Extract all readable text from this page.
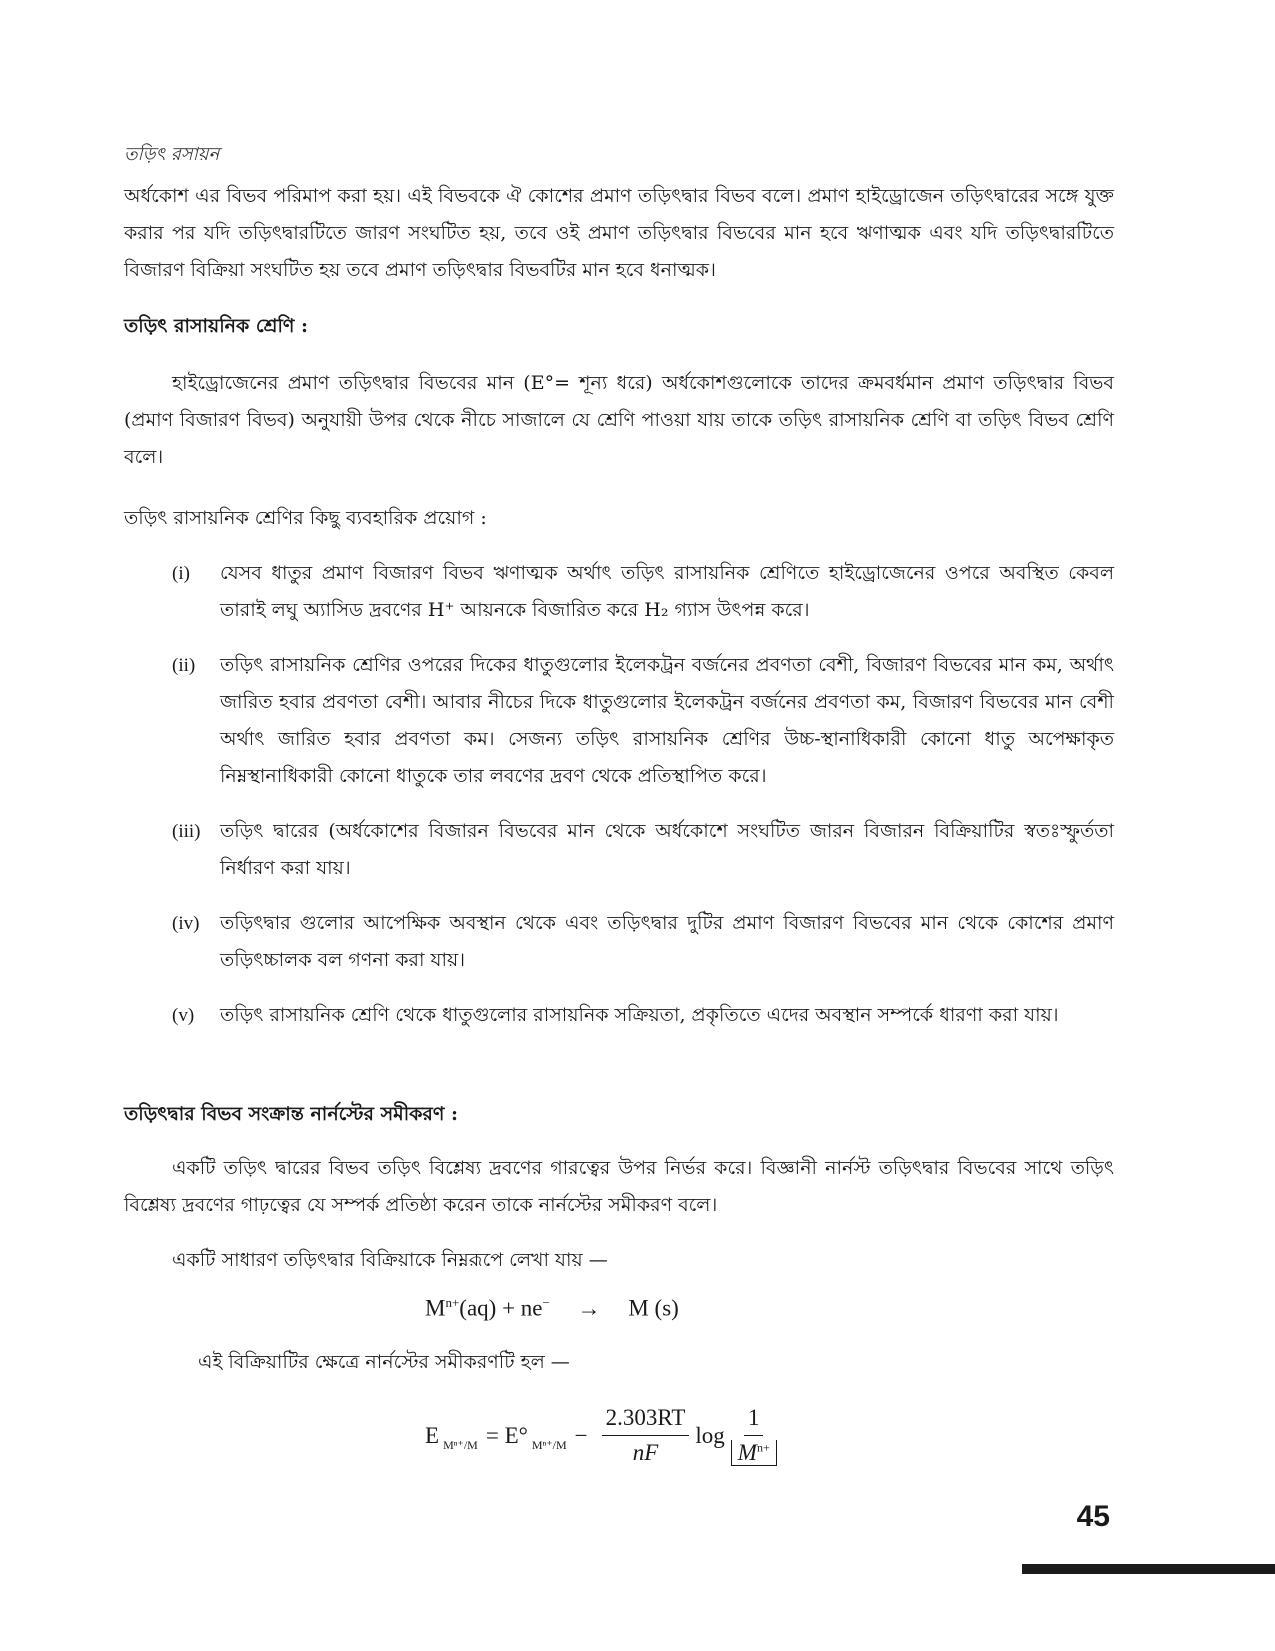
তড়িৎ রসায়ন
অর্ধকোশ এর বিভব পরিমাপ করা হয়। এই বিভবকে ঐ কোশের প্রমাণ তড়িৎদ্বার বিভব বলে। প্রমাণ হাইড্রোজেন তড়িৎদ্বারের সঙ্গে যুক্ত করার পর যদি তড়িৎদ্বারটিতে জারণ সংঘটিত হয়, তবে ওই প্রমাণ তড়িৎদ্বার বিভবের মান হবে ঋণাত্মক এবং যদি তড়িৎদ্বারটিতে বিজারণ বিক্রিয়া সংঘটিত হয় তবে প্রমাণ তড়িৎদ্বার বিভবটির মান হবে ধনাত্মক।
তড়িৎ রাসায়নিক শ্রেণি :
হাইড্রোজেনের প্রমাণ তড়িৎদ্বার বিভবের মান (E°= শূন্য ধরে) অর্ধকোশগুলোকে তাদের ক্রমবর্ধমান প্রমাণ তড়িৎদ্বার বিভব (প্রমাণ বিজারণ বিভব) অনুযায়ী উপর থেকে নীচে সাজালে যে শ্রেণি পাওয়া যায় তাকে তড়িৎ রাসায়নিক শ্রেণি বা তড়িৎ বিভব শ্রেণি বলে।
তড়িৎ রাসায়নিক শ্রেণির কিছু ব্যবহারিক প্রয়োগ :
(i) যেসব ধাতুর প্রমাণ বিজারণ বিভব ঋণাত্মক অর্থাৎ তড়িৎ রাসায়নিক শ্রেণিতে হাইড্রোজেনের ওপরে অবস্থিত কেবল তারাই লঘু অ্যাসিড দ্রবণের H⁺ আয়নকে বিজারিত করে H₂ গ্যাস উৎপন্ন করে।
(ii) তড়িৎ রাসায়নিক শ্রেণির ওপরের দিকের ধাতুগুলোর ইলেকট্রন বর্জনের প্রবণতা বেশী, বিজারণ বিভবের মান কম, অর্থাৎ জারিত হবার প্রবণতা বেশী। আবার নীচের দিকে ধাতুগুলোর ইলেকট্রন বর্জনের প্রবণতা কম, বিজারণ বিভবের মান বেশী অর্থাৎ জারিত হবার প্রবণতা কম। সেজন্য তড়িৎ রাসায়নিক শ্রেণির উচ্চ-স্থানাধিকারী কোনো ধাতু অপেক্ষাকৃত নিম্নস্থানাধিকারী কোনো ধাতুকে তার লবণের দ্রবণ থেকে প্রতিস্থাপিত করে।
(iii) তড়িৎ দ্বারের (অর্ধকোশের বিজারন বিভবের মান থেকে অর্ধকোশে সংঘটিত জারন বিজারন বিক্রিয়াটির স্বতঃস্ফুর্ততা নির্ধারণ করা যায়।
(iv) তড়িৎদ্বার গুলোর আপেক্ষিক অবস্থান থেকে এবং তড়িৎদ্বার দুটির প্রমাণ বিজারণ বিভবের মান থেকে কোশের প্রমাণ তড়িৎচ্চালক বল গণনা করা যায়।
(v) তড়িৎ রাসায়নিক শ্রেণি থেকে ধাতুগুলোর রাসায়নিক সক্রিয়তা, প্রকৃতিতে এদের অবস্থান সম্পর্কে ধারণা করা যায়।
তড়িৎদ্বার বিভব সংক্রান্ত নার্নস্টের সমীকরণ :
একটি তড়িৎ দ্বারের বিভব তড়িৎ বিশ্লেষ্য দ্রবণের গারত্বের উপর নির্ভর করে। বিজ্ঞানী নার্নস্ট তড়িৎদ্বার বিভবের সাথে তড়িৎ বিশ্লেষ্য দ্রবণের গাঢ়ত্বের যে সম্পর্ক প্রতিষ্ঠা করেন তাকে নার্নস্টের সমীকরণ বলে।
একটি সাধারণ তড়িৎদ্বার বিক্রিয়াকে নিম্নরূপে লেখা যায় —
$M^{n+}(aq) + ne^- \to M$ (s)
এই বিক্রিয়াটির ক্ষেত্রে নার্নস্টের সমীকরণটি হল —
E Mⁿ⁺/M = E° $M^{n+}/M - \frac{2.303RT}{nF}$ $\log \frac{1}{M^{n+}}$
45
